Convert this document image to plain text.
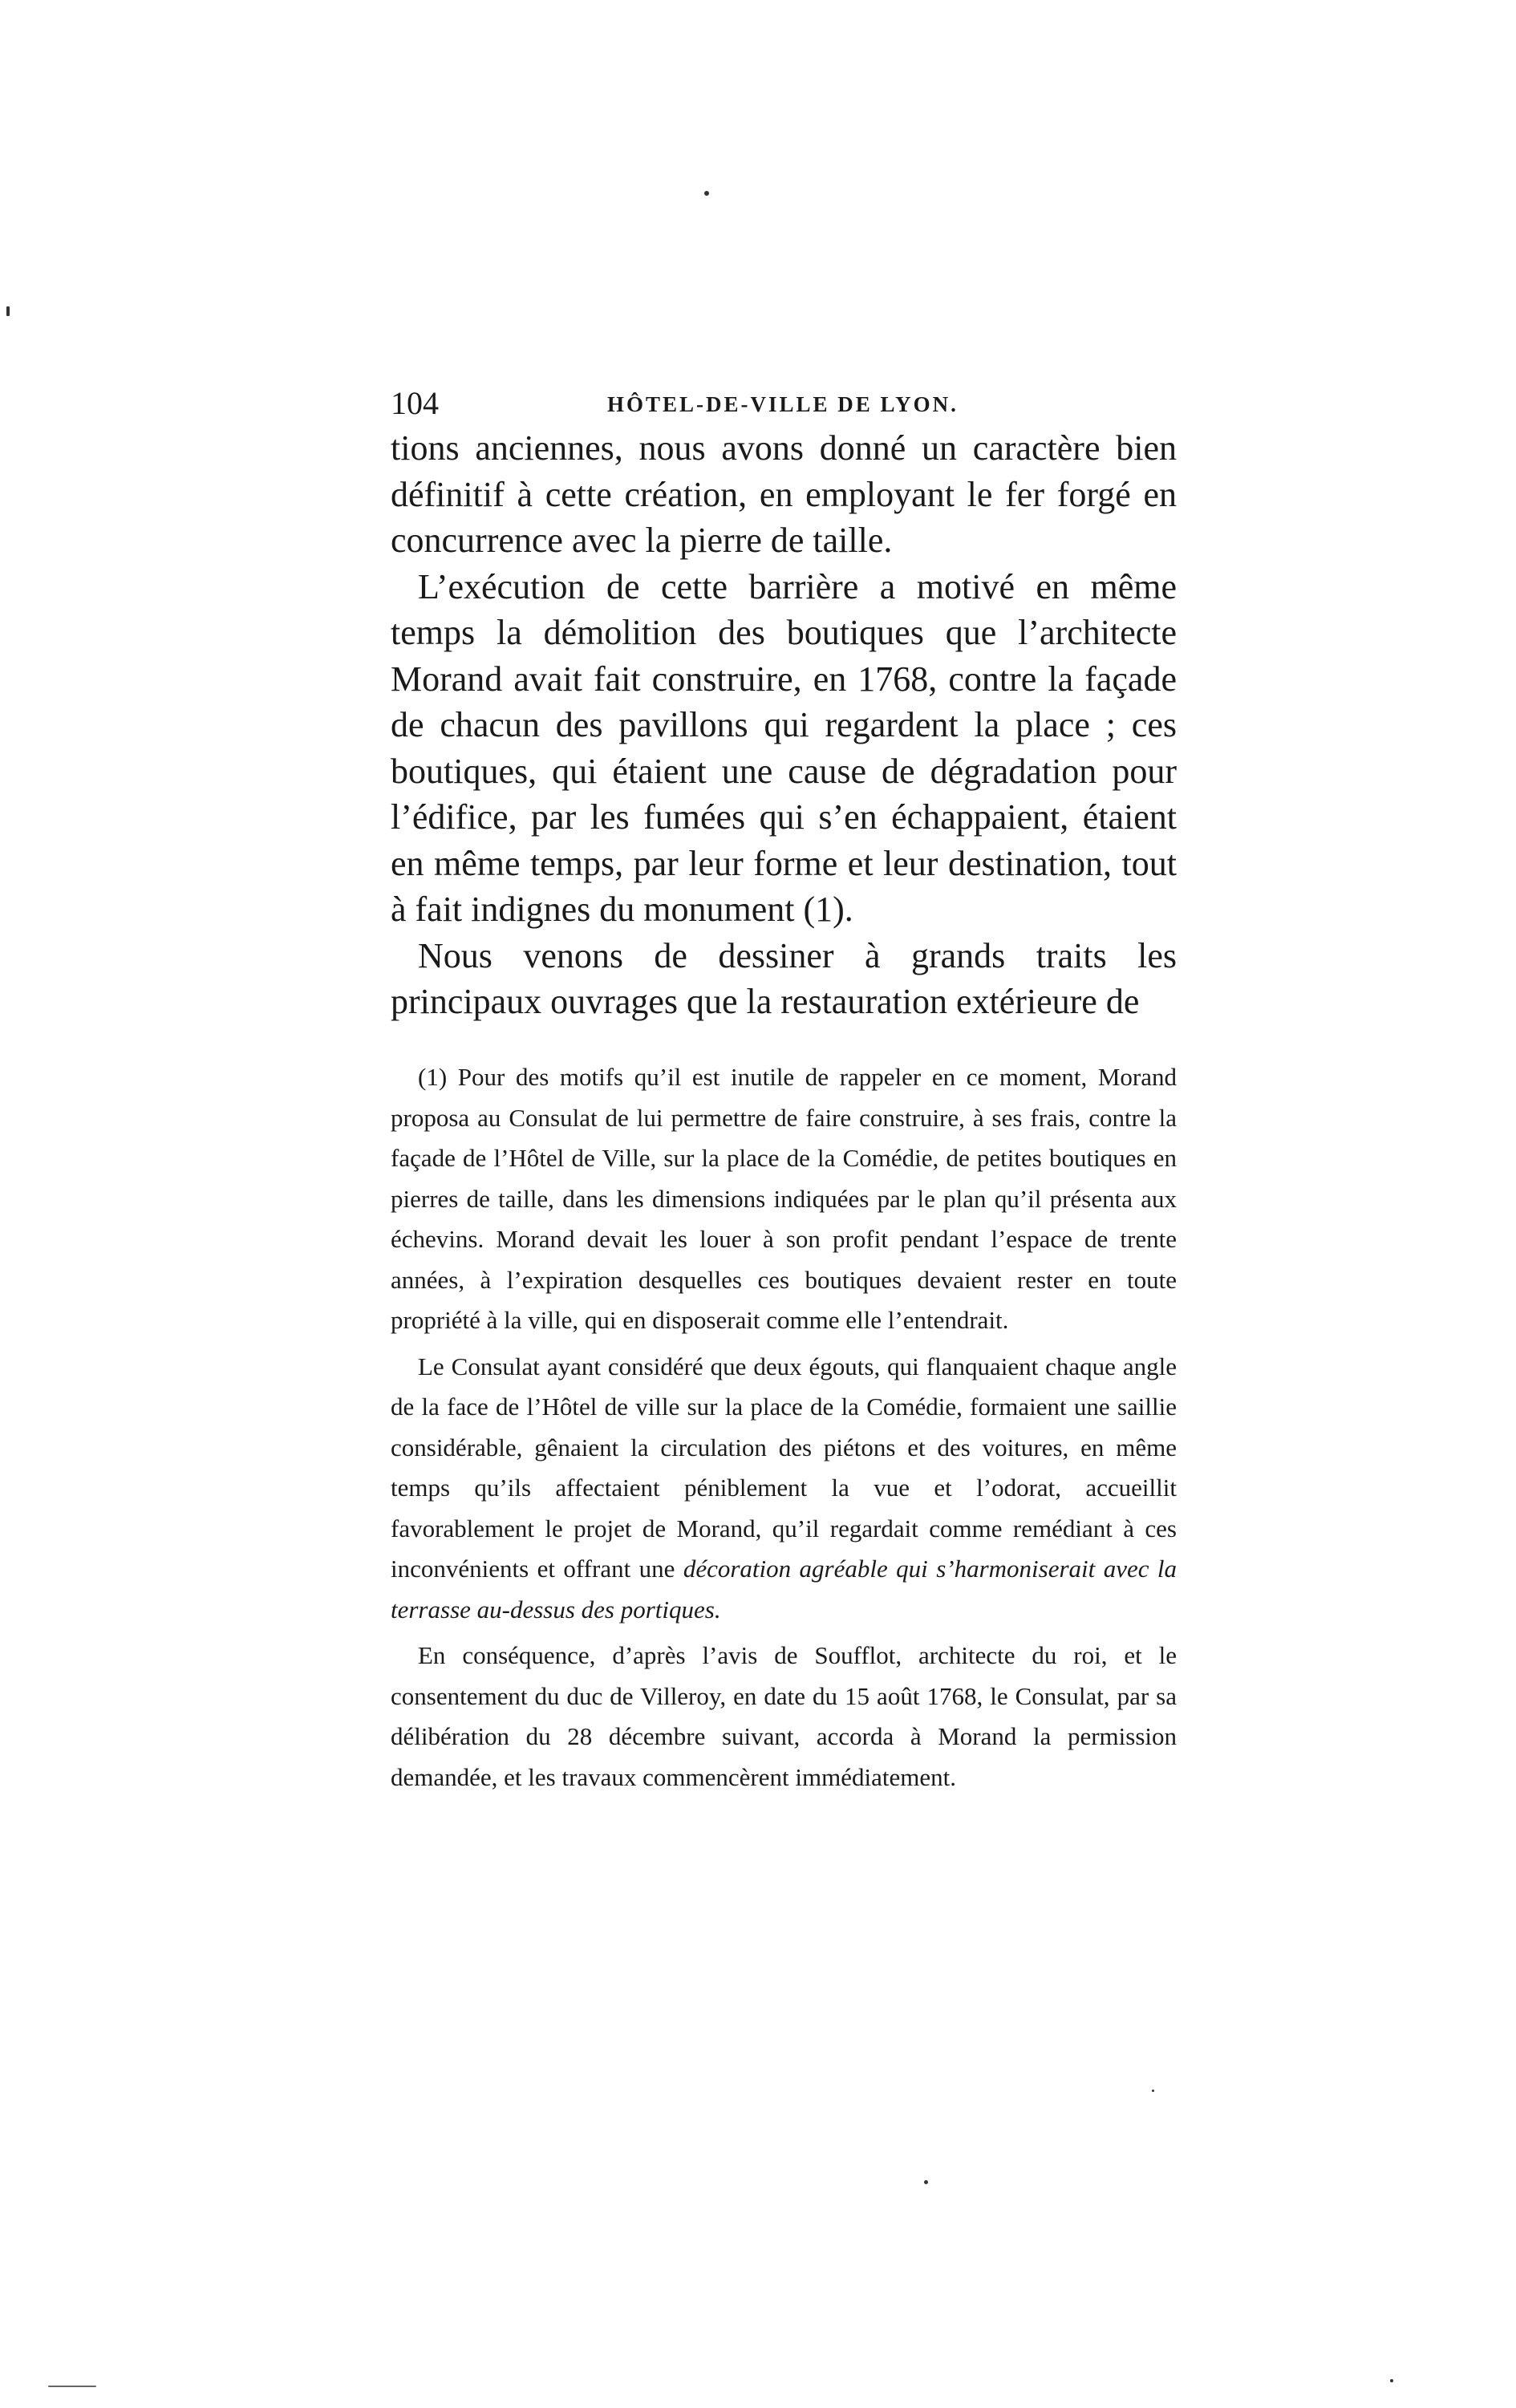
104	HÔTEL-DE-VILLE DE LYON.

tions anciennes, nous avons donné un caractère bien définitif à cette création, en employant le fer forgé en concurrence avec la pierre de taille.

L’exécution de cette barrière a motivé en même temps la démolition des boutiques que l’architecte Morand avait fait construire, en 1768, contre la façade de chacun des pavillons qui regardent la place ; ces boutiques, qui étaient une cause de dégradation pour l’édifice, par les fumées qui s’en échappaient, étaient en même temps, par leur forme et leur destination, tout à fait indignes du monument (1).

Nous venons de dessiner à grands traits les principaux ouvrages que la restauration extérieure de

(1) Pour des motifs qu’il est inutile de rappeler en ce moment, Morand proposa au Consulat de lui permettre de faire construire, à ses frais, contre la façade de l’Hôtel de Ville, sur la place de la Comédie, de petites boutiques en pierres de taille, dans les dimensions indiquées par le plan qu’il présenta aux échevins. Morand devait les louer à son profit pendant l’espace de trente années, à l’expiration desquelles ces boutiques devaient rester en toute propriété à la ville, qui en disposerait comme elle l’entendrait.

Le Consulat ayant considéré que deux égouts, qui flanquaient chaque angle de la face de l’Hôtel de ville sur la place de la Comédie, formaient une saillie considérable, gênaient la circulation des piétons et des voitures, en même temps qu’ils affectaient péniblement la vue et l’odorat, accueillit favorablement le projet de Morand, qu’il regardait comme remédiant à ces inconvénients et offrant une décoration agréable qui s’harmoniserait avec la terrasse au-dessus des portiques.

En conséquence, d’après l’avis de Soufflot, architecte du roi, et le consentement du duc de Villeroy, en date du 15 août 1768, le Consulat, par sa délibération du 28 décembre suivant, accorda à Morand la permission demandée, et les travaux commencèrent immédiatement.
